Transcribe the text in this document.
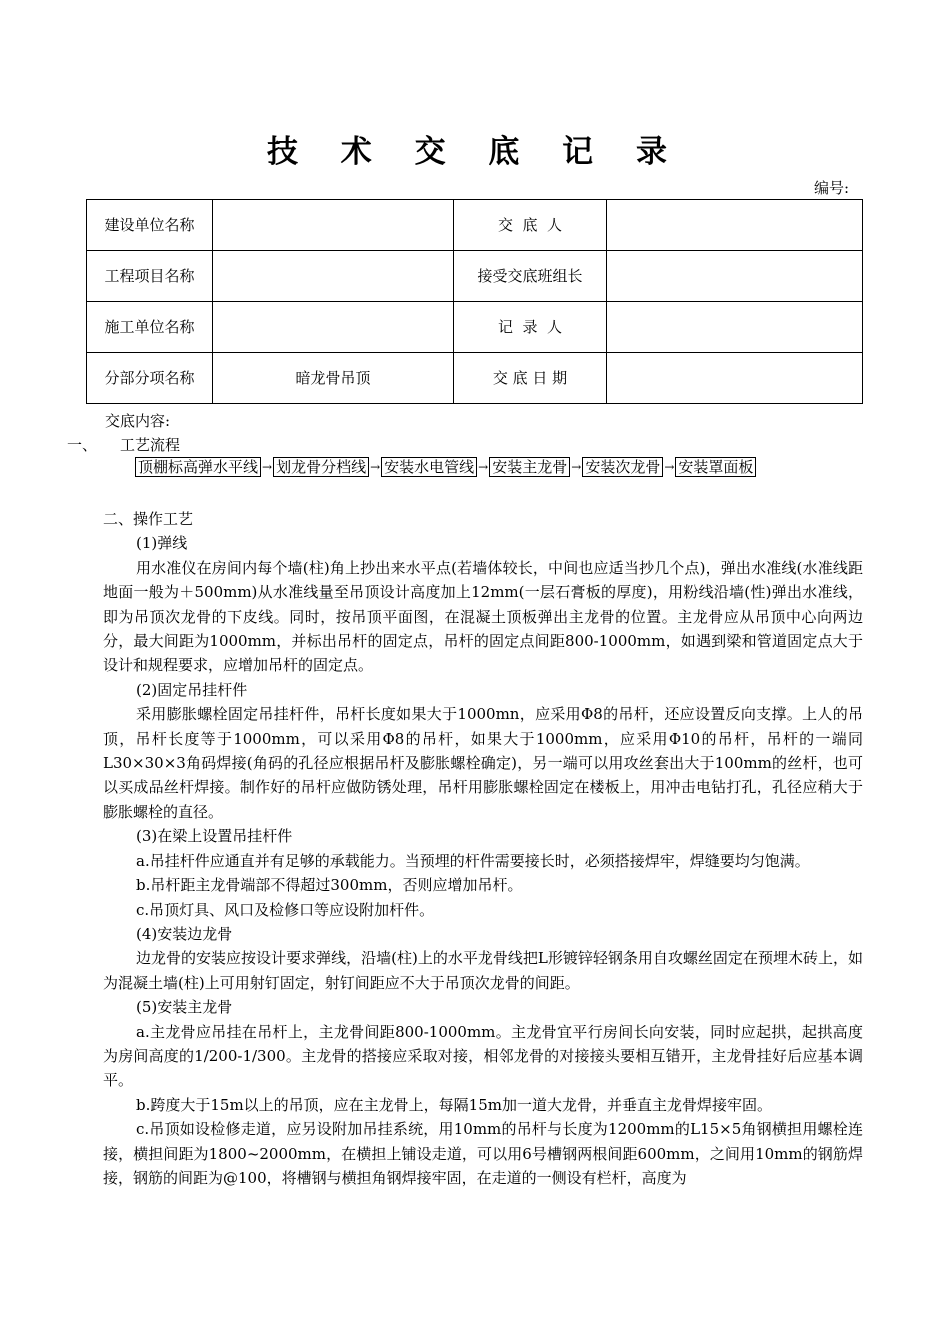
技 术 交 底 记 录
编号:
建设单位名称		交  底  人	
工程项目名称		接受交底班组长	
施工单位名称		记  录  人	
分部分项名称	暗龙骨吊顶	交 底 日 期	
交底内容:
一、 工艺流程
顶棚标高弹水平线 → 划龙骨分档线 → 安装水电管线 → 安装主龙骨 → 安装次龙骨 → 安装罩面板

二、操作工艺

(1)弹线

用水准仪在房间内每个墙(柱)角上抄出来水平点(若墙体较长，中间也应适当抄几个点)，弹出水准线(水准线距地面一般为＋500mm)从水准线量至吊顶设计高度加上12mm(一层石膏板的厚度)，用粉线沿墙(性)弹出水准线，即为吊顶次龙骨的下皮线。同时，按吊顶平面图，在混凝土顶板弹出主龙骨的位置。主龙骨应从吊顶中心向两边分，最大间距为1000mm，并标出吊杆的固定点，吊杆的固定点间距800-1000mm，如遇到梁和管道固定点大于设计和规程要求，应增加吊杆的固定点。

(2)固定吊挂杆件

采用膨胀螺栓固定吊挂杆件，吊杆长度如果大于1000mn，应采用Φ8的吊杆，还应设置反向支撑。上人的吊顶，吊杆长度等于1000mm，可以采用Φ8的吊杆，如果大于1000mm，应采用Φ10的吊杆，吊杆的一端同L30×30×3角码焊接(角码的孔径应根据吊杆及膨胀螺栓确定)，另一端可以用攻丝套出大于100mm的丝杆，也可以买成品丝杆焊接。制作好的吊杆应做防锈处理，吊杆用膨胀螺栓固定在楼板上，用冲击电钻打孔，孔径应稍大于膨胀螺栓的直径。

(3)在梁上设置吊挂杆件

a.吊挂杆件应通直并有足够的承载能力。当预埋的杆件需要接长时，必须搭接焊牢，焊缝要均匀饱满。

b.吊杆距主龙骨端部不得超过300mm，否则应增加吊杆。

c.吊顶灯具、风口及检修口等应设附加杆件。

(4)安装边龙骨

边龙骨的安装应按设计要求弹线，沿墙(柱)上的水平龙骨线把L形镀锌轻钢条用自攻螺丝固定在预埋木砖上，如为混凝土墙(柱)上可用射钉固定，射钉间距应不大于吊顶次龙骨的间距。

(5)安装主龙骨

a.主龙骨应吊挂在吊杆上，主龙骨间距800-1000mm。主龙骨宜平行房间长向安装，同时应起拱，起拱高度为房间高度的1/200-1/300。主龙骨的搭接应采取对接，相邻龙骨的对接接头要相互错开，主龙骨挂好后应基本调平。

b.跨度大于15m以上的吊顶，应在主龙骨上，每隔15m加一道大龙骨，并垂直主龙骨焊接牢固。

c.吊顶如设检修走道，应另设附加吊挂系统，用10mm的吊杆与长度为1200mm的L15×5角钢横担用螺栓连接，横担间距为1800~2000mm，在横担上铺设走道，可以用6号槽钢两根间距600mm，之间用10mm的钢筋焊接，钢筋的间距为@100，将槽钢与横担角钢焊接牢固，在走道的一侧设有栏杆，高度为
